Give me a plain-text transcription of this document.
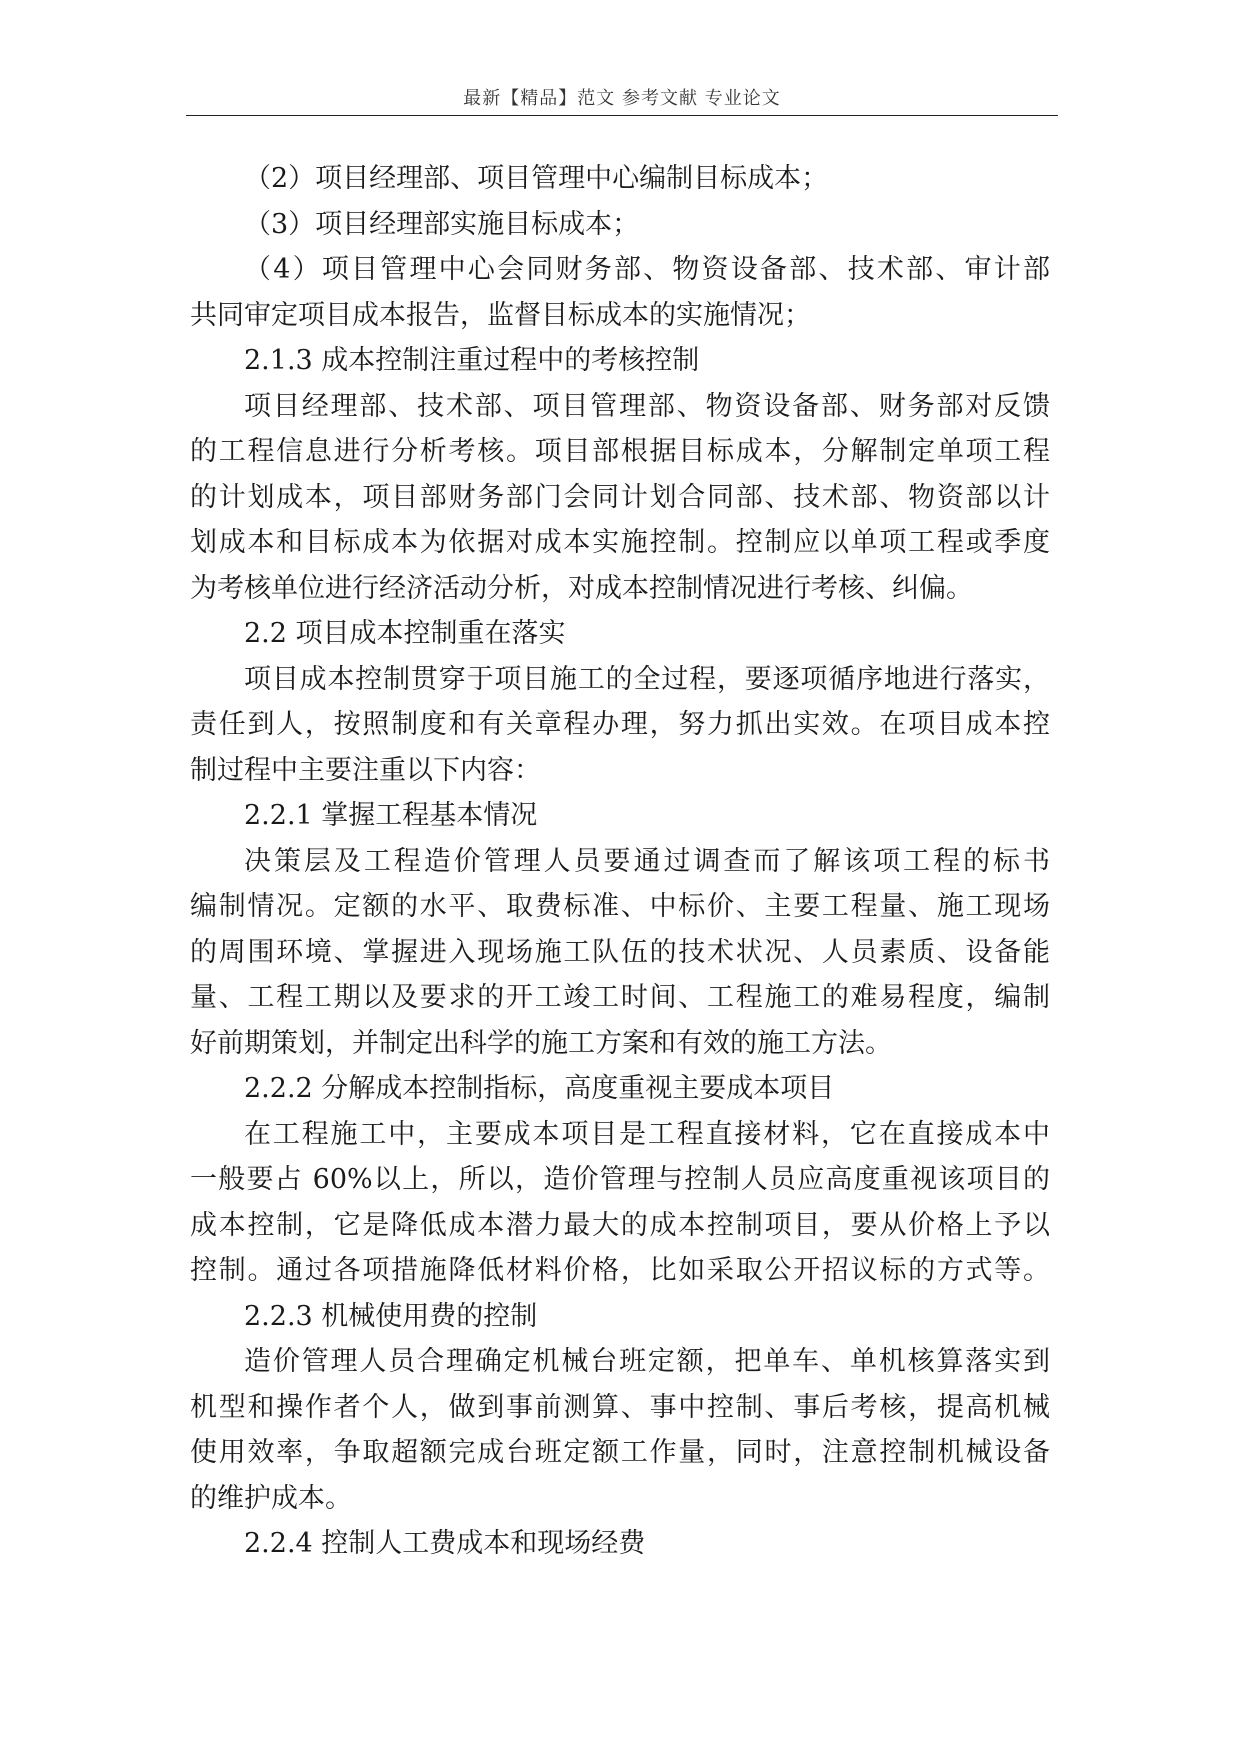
最新【精品】范文 参考文献 专业论文
（2）项目经理部、项目管理中心编制目标成本；
（3）项目经理部实施目标成本；
（4）项目管理中心会同财务部、物资设备部、技术部、审计部
共同审定项目成本报告，监督目标成本的实施情况；
2.1.3 成本控制注重过程中的考核控制
项目经理部、技术部、项目管理部、物资设备部、财务部对反馈
的工程信息进行分析考核。项目部根据目标成本，分解制定单项工程
的计划成本，项目部财务部门会同计划合同部、技术部、物资部以计
划成本和目标成本为依据对成本实施控制。控制应以单项工程或季度
为考核单位进行经济活动分析，对成本控制情况进行考核、纠偏。
2.2 项目成本控制重在落实
项目成本控制贯穿于项目施工的全过程，要逐项循序地进行落实，
责任到人，按照制度和有关章程办理，努力抓出实效。在项目成本控
制过程中主要注重以下内容：
2.2.1 掌握工程基本情况
决策层及工程造价管理人员要通过调查而了解该项工程的标书
编制情况。定额的水平、取费标准、中标价、主要工程量、施工现场
的周围环境、掌握进入现场施工队伍的技术状况、人员素质、设备能
量、工程工期以及要求的开工竣工时间、工程施工的难易程度，编制
好前期策划，并制定出科学的施工方案和有效的施工方法。
2.2.2 分解成本控制指标，高度重视主要成本项目
在工程施工中，主要成本项目是工程直接材料，它在直接成本中
一般要占 60%以上，所以，造价管理与控制人员应高度重视该项目的
成本控制，它是降低成本潜力最大的成本控制项目，要从价格上予以
控制。通过各项措施降低材料价格，比如采取公开招议标的方式等。
2.2.3 机械使用费的控制
造价管理人员合理确定机械台班定额，把单车、单机核算落实到
机型和操作者个人，做到事前测算、事中控制、事后考核，提高机械
使用效率，争取超额完成台班定额工作量，同时，注意控制机械设备
的维护成本。
2.2.4 控制人工费成本和现场经费
